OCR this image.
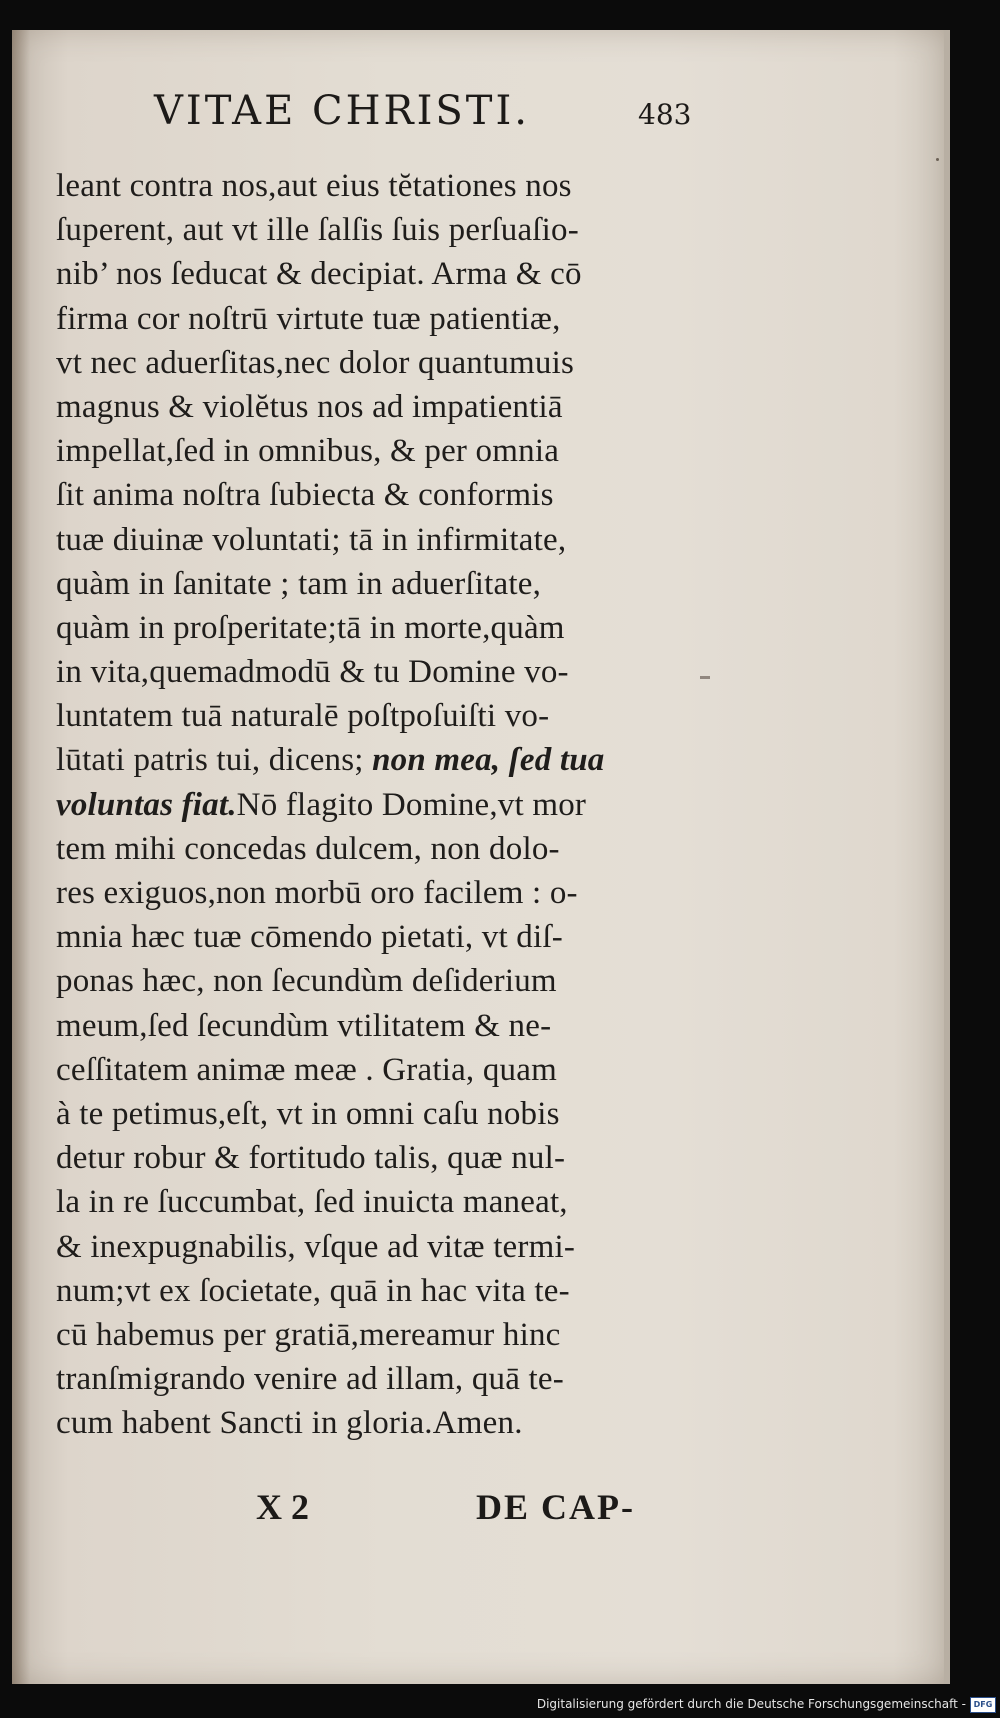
VITAE CHRISTI.	483
leant contra nos,aut eius tĕtationes nos
ſuperent, aut vt ille ſalſis ſuis perſuaſio-
nib’ nos ſeducat & decipiat. Arma & cō
firma cor noſtrū virtute tuæ patientiæ,
vt nec aduerſitas,nec dolor quantumuis
magnus & violĕtus nos ad impatientiā
impellat,ſed in omnibus, & per omnia
ſit anima noſtra ſubiecta & conformis
tuæ diuinæ voluntati; tā in infirmitate,
quàm in ſanitate ; tam in aduerſitate,
quàm in proſperitate;tā in morte,quàm
in vita,quemadmodū & tu Domine vo-
luntatem tuā naturalē poſtpoſuiſti vo-
lūtati patris tui, dicens; non mea, ſed tua
voluntas fiat.Nō flagito Domine,vt mor
tem mihi concedas dulcem, non dolo-
res exiguos,non morbū oro facilem : o-
mnia hæc tuæ cōmendo pietati, vt diſ-
ponas hæc, non ſecundùm deſiderium
meum,ſed ſecundùm vtilitatem & ne-
ceſſitatem animæ meæ . Gratia, quam
à te petimus,eſt, vt in omni caſu nobis
detur robur & fortitudo talis, quæ nul-
la in re ſuccumbat, ſed inuicta maneat,
& inexpugnabilis, vſque ad vitæ termi-
num;vt ex ſocietate, quā in hac vita te-
cū habemus per gratiā,mereamur hinc
tranſmigrando venire ad illam, quā te-
cum habent Sancti in gloria.Amen.
X 2	DE CAP-
Digitalisierung gefördert durch die Deutsche Forschungsgemeinschaft - DFG
